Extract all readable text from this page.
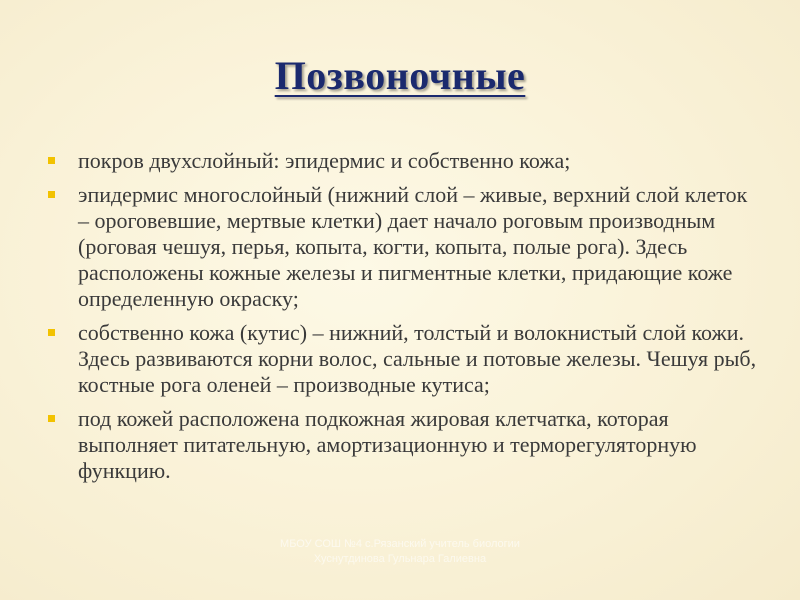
Позвоночные
покров двухслойный: эпидермис и собственно кожа;
эпидермис многослойный (нижний слой – живые, верхний слой клеток – ороговевшие, мертвые клетки) дает начало роговым производным (роговая чешуя, перья, копыта, когти, копыта, полые рога). Здесь расположены кожные железы и пигментные клетки, придающие коже определенную окраску;
собственно кожа (кутис) – нижний, толстый и волокнистый слой кожи. Здесь развиваются корни волос, сальные и потовые железы. Чешуя рыб, костные рога оленей – производные кутиса;
под кожей расположена подкожная жировая клетчатка, которая выполняет питательную, амортизационную и терморегуляторную функцию.
МБОУ СОШ №4 с.Рязанский учитель биологии Хуснутдинова Гульнара Галиевна
